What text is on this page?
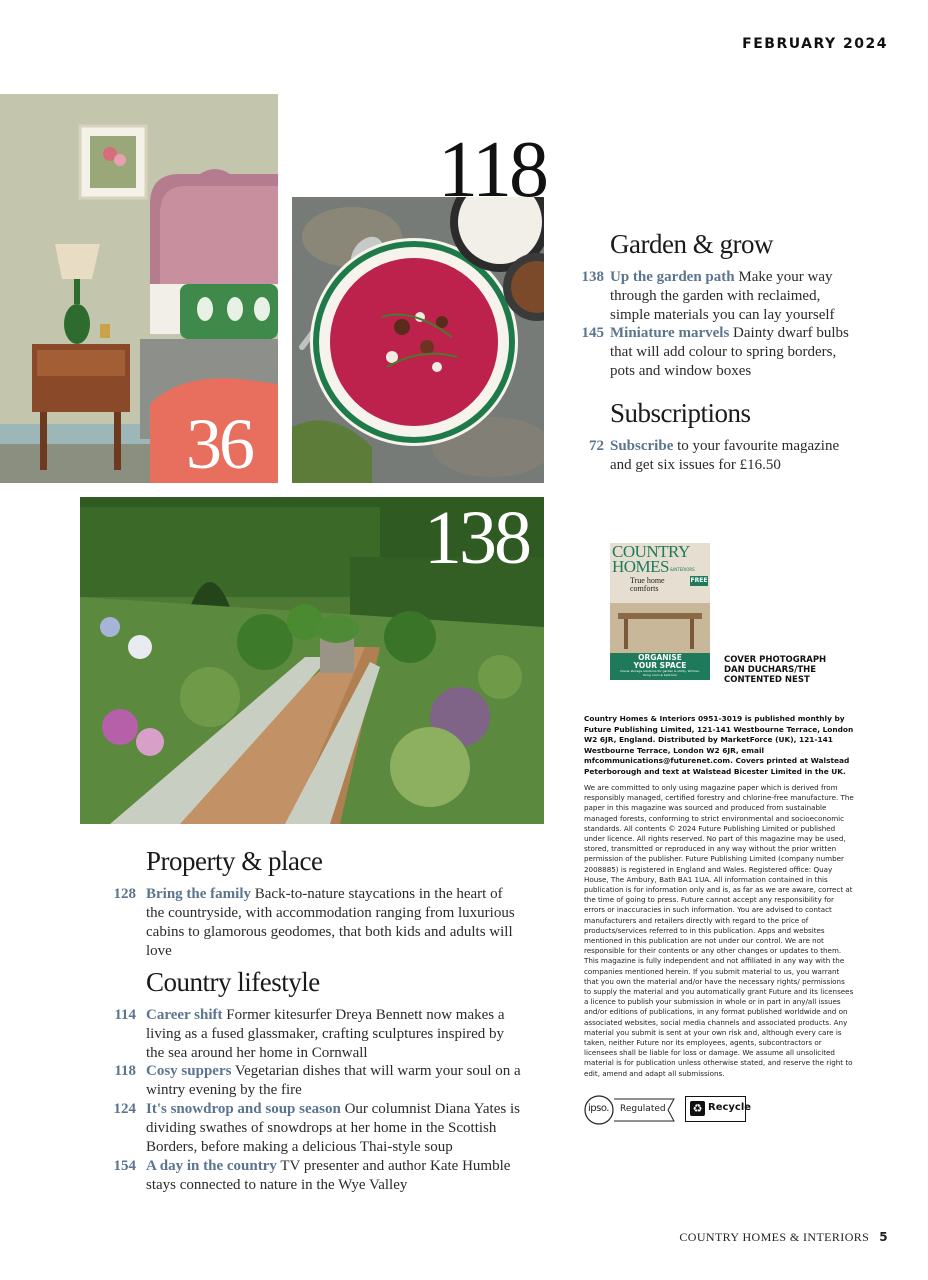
FEBRUARY 2024
36
118
138
Garden & grow
138 Up the garden path Make your way through the garden with reclaimed, simple materials you can lay yourself
145 Miniature marvels Dainty dwarf bulbs that will add colour to spring borders, pots and window boxes
Subscriptions
72 Subscribe to your favourite magazine and get six issues for £16.50
COUNTRY
HOMES &INTERIORS
FREE
True home comforts
ORGANISE
YOUR SPACE
Clever storage solutions for garden & utility, kitchen, living room & bedroom
COVER PHOTOGRAPH
DAN DUCHARS/THE
CONTENTED NEST
Country Homes & Interiors 0951-3019 is published monthly by Future Publishing Limited, 121-141 Westbourne Terrace, London W2 6JR, England. Distributed by MarketForce (UK), 121-141 Westbourne Terrace, London W2 6JR, email mfcommunications@futurenet.com. Covers printed at Walstead Peterborough and text at Walstead Bicester Limited in the UK.
We are committed to only using magazine paper which is derived from responsibly managed, certified forestry and chlorine-free manufacture. The paper in this magazine was sourced and produced from sustainable managed forests, conforming to strict environmental and socioeconomic standards. All contents © 2024 Future Publishing Limited or published under licence. All rights reserved. No part of this magazine may be used, stored, transmitted or reproduced in any way without the prior written permission of the publisher. Future Publishing Limited (company number 2008885) is registered in England and Wales. Registered office: Quay House, The Ambury, Bath BA1 1UA. All information contained in this publication is for information only and is, as far as we are aware, correct at the time of going to press. Future cannot accept any responsibility for errors or inaccuracies in such information. You are advised to contact manufacturers and retailers directly with regard to the price of products/services referred to in this publication. Apps and websites mentioned in this publication are not under our control. We are not responsible for their contents or any other changes or updates to them. This magazine is fully independent and not affiliated in any way with the companies mentioned herein. If you submit material to us, you warrant that you own the material and/or have the necessary rights/ permissions to supply the material and you automatically grant Future and its licensees a licence to publish your submission in whole or in part in any/all issues and/or editions of publications, in any format published worldwide and on associated websites, social media channels and associated products. Any material you submit is sent at your own risk and, although every care is taken, neither Future nor its employees, agents, subcontractors or licensees shall be liable for loss or damage. We assume all unsolicited material is for publication unless otherwise stated, and reserve the right to edit, amend and adapt all submissions.
ipso. Regulated ♻ Recycle
Property & place
128 Bring the family Back-to-nature staycations in the heart of the countryside, with accommodation ranging from luxurious cabins to glamorous geodomes, that both kids and adults will love
Country lifestyle
114 Career shift Former kitesurfer Dreya Bennett now makes a living as a fused glassmaker, crafting sculptures inspired by the sea around her home in Cornwall
118 Cosy suppers Vegetarian dishes that will warm your soul on a wintry evening by the fire
124 It's snowdrop and soup season Our columnist Diana Yates is dividing swathes of snowdrops at her home in the Scottish Borders, before making a delicious Thai-style soup
154 A day in the country TV presenter and author Kate Humble stays connected to nature in the Wye Valley
COUNTRY HOMES & INTERIORS 5
